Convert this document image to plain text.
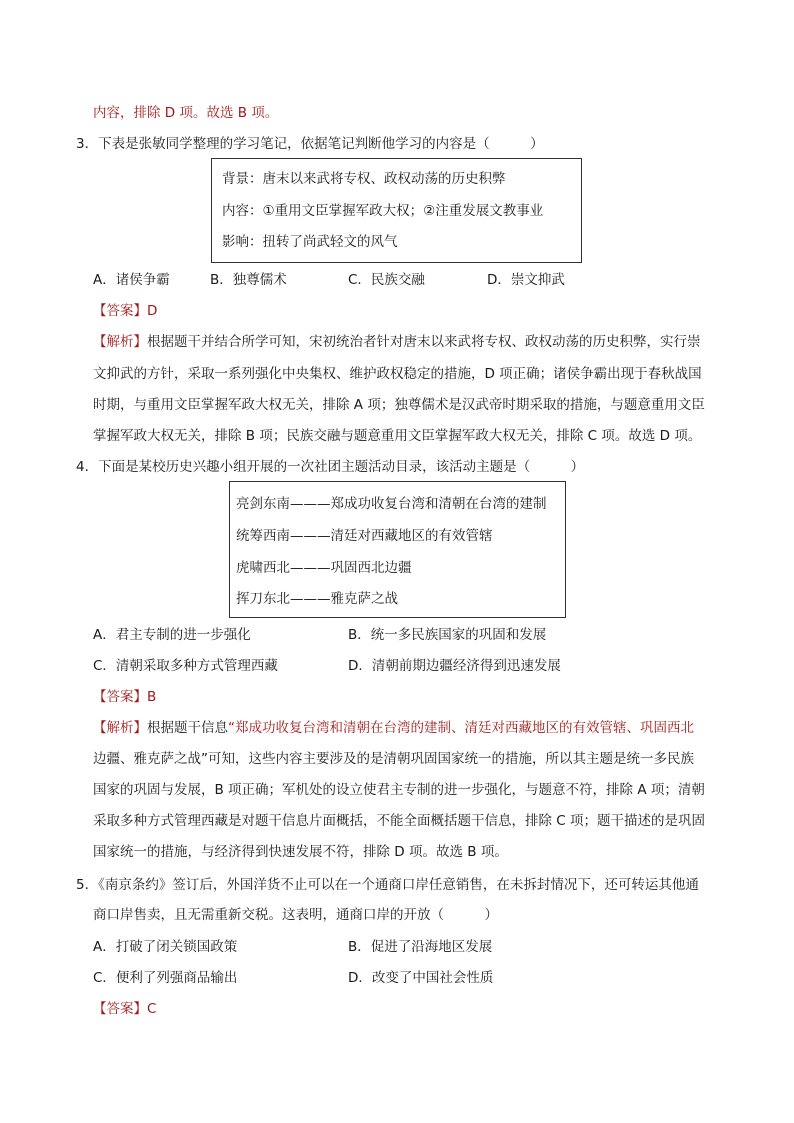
内容，排除 D 项。故选 B 项。
3．下表是张敏同学整理的学习笔记，依据笔记判断他学习的内容是（　　　）
背景：唐末以来武将专权、政权动荡的历史积弊
内容：①重用文臣掌握军政大权；②注重发展文教事业
影响：扭转了尚武轻文的风气
A．诸侯争霸	B．独尊儒术	C．民族交融	D．崇文抑武
【答案】D
【解析】根据题干并结合所学可知，宋初统治者针对唐末以来武将专权、政权动荡的历史积弊，实行崇
文抑武的方针，采取一系列强化中央集权、维护政权稳定的措施，D 项正确；诸侯争霸出现于春秋战国
时期，与重用文臣掌握军政大权无关，排除 A 项；独尊儒术是汉武帝时期采取的措施，与题意重用文臣
掌握军政大权无关，排除 B 项；民族交融与题意重用文臣掌握军政大权无关，排除 C 项。故选 D 项。
4．下面是某校历史兴趣小组开展的一次社团主题活动目录，该活动主题是（　　　）
亮剑东南———郑成功收复台湾和清朝在台湾的建制
统筹西南———清廷对西藏地区的有效管辖
虎啸西北———巩固西北边疆
挥刀东北———雅克萨之战
A．君主专制的进一步强化	B．统一多民族国家的巩固和发展
C．清朝采取多种方式管理西藏	D．清朝前期边疆经济得到迅速发展
【答案】B
【解析】根据题干信息“郑成功收复台湾和清朝在台湾的建制、清廷对西藏地区的有效管辖、巩固西北
边疆、雅克萨之战”可知，这些内容主要涉及的是清朝巩固国家统一的措施，所以其主题是统一多民族
国家的巩固与发展，B 项正确；军机处的设立使君主专制的进一步强化，与题意不符，排除 A 项；清朝
采取多种方式管理西藏是对题干信息片面概括，不能全面概括题干信息，排除 C 项；题干描述的是巩固
国家统一的措施，与经济得到快速发展不符，排除 D 项。故选 B 项。
5．《南京条约》签订后，外国洋货不止可以在一个通商口岸任意销售，在未拆封情况下，还可转运其他通
商口岸售卖，且无需重新交税。这表明，通商口岸的开放（　　　）
A．打破了闭关锁国政策	B．促进了沿海地区发展
C．便利了列强商品输出	D．改变了中国社会性质
【答案】C
